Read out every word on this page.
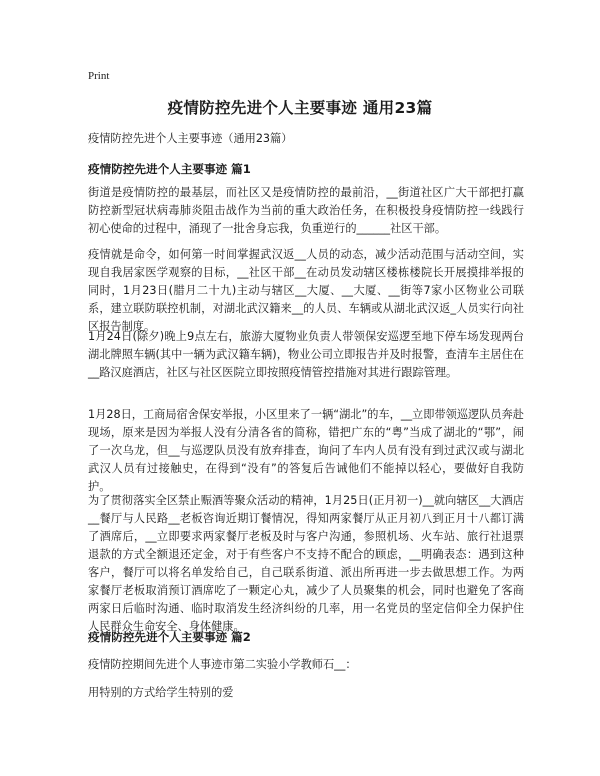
Print
疫情防控先进个人主要事迹 通用23篇
疫情防控先进个人主要事迹（通用23篇）
疫情防控先进个人主要事迹 篇1
街道是疫情防控的最基层，而社区又是疫情防控的最前沿，__街道社区广大干部把打赢防控新型冠状病毒肺炎阻击战作为当前的重大政治任务，在积极投身疫情防控一线践行初心使命的过程中，涌现了一批舍身忘我，负重逆行的______社区干部。
疫情就是命令，如何第一时间掌握武汉返__人员的动态，减少活动范围与活动空间，实现自我居家医学观察的目标，__社区干部__在动员发动辖区楼栋楼院长开展摸排举报的同时，1月23日(腊月二十九)主动与辖区__大厦、__大厦、__街等7家小区物业公司联系，建立联防联控机制，对湖北武汉籍来__的人员、车辆或从湖北武汉返_人员实行向社区报告制度。
1月24日(除夕)晚上9点左右，旅游大厦物业负责人带领保安巡逻至地下停车场发现两台湖北牌照车辆(其中一辆为武汉籍车辆)，物业公司立即报告并及时报警，查清车主居住在__路汉庭酒店，社区与社区医院立即按照疫情管控措施对其进行跟踪管理。
1月28日，工商局宿舍保安举报，小区里来了一辆“湖北”的车，__立即带领巡逻队员奔赴现场，原来是因为举报人没有分清各省的简称，错把广东的“粤”当成了湖北的“鄂”，闹了一次乌龙，但__与巡逻队员没有放弃排查，询问了车内人员有没有到过武汉或与湖北武汉人员有过接触史，在得到“没有”的答复后告诫他们不能掉以轻心，要做好自我防护。
为了贯彻落实全区禁止赈酒等聚众活动的精神，1月25日(正月初一)__就向辖区__大酒店__餐厅与人民路__老板咨询近期订餐情况，得知两家餐厅从正月初八到正月十八都订满了酒席后，__立即要求两家餐厅老板及时与客户沟通，参照机场、火车站、旅行社退票退款的方式全额退还定金，对于有些客户不支持不配合的顾虑，__明确表态：遇到这种客户，餐厅可以将名单发给自己，自己联系街道、派出所再进一步去做思想工作。为两家餐厅老板取消预订酒席吃了一颗定心丸，减少了人员聚集的机会，同时也避免了客商两家日后临时沟通、临时取消发生经济纠纷的几率，用一名党员的坚定信仰全力保护住人民群众生命安全、身体健康。
疫情防控先进个人主要事迹 篇2
疫情防控期间先进个人事迹市第二实验小学教师石__：
用特别的方式给学生特别的爱
